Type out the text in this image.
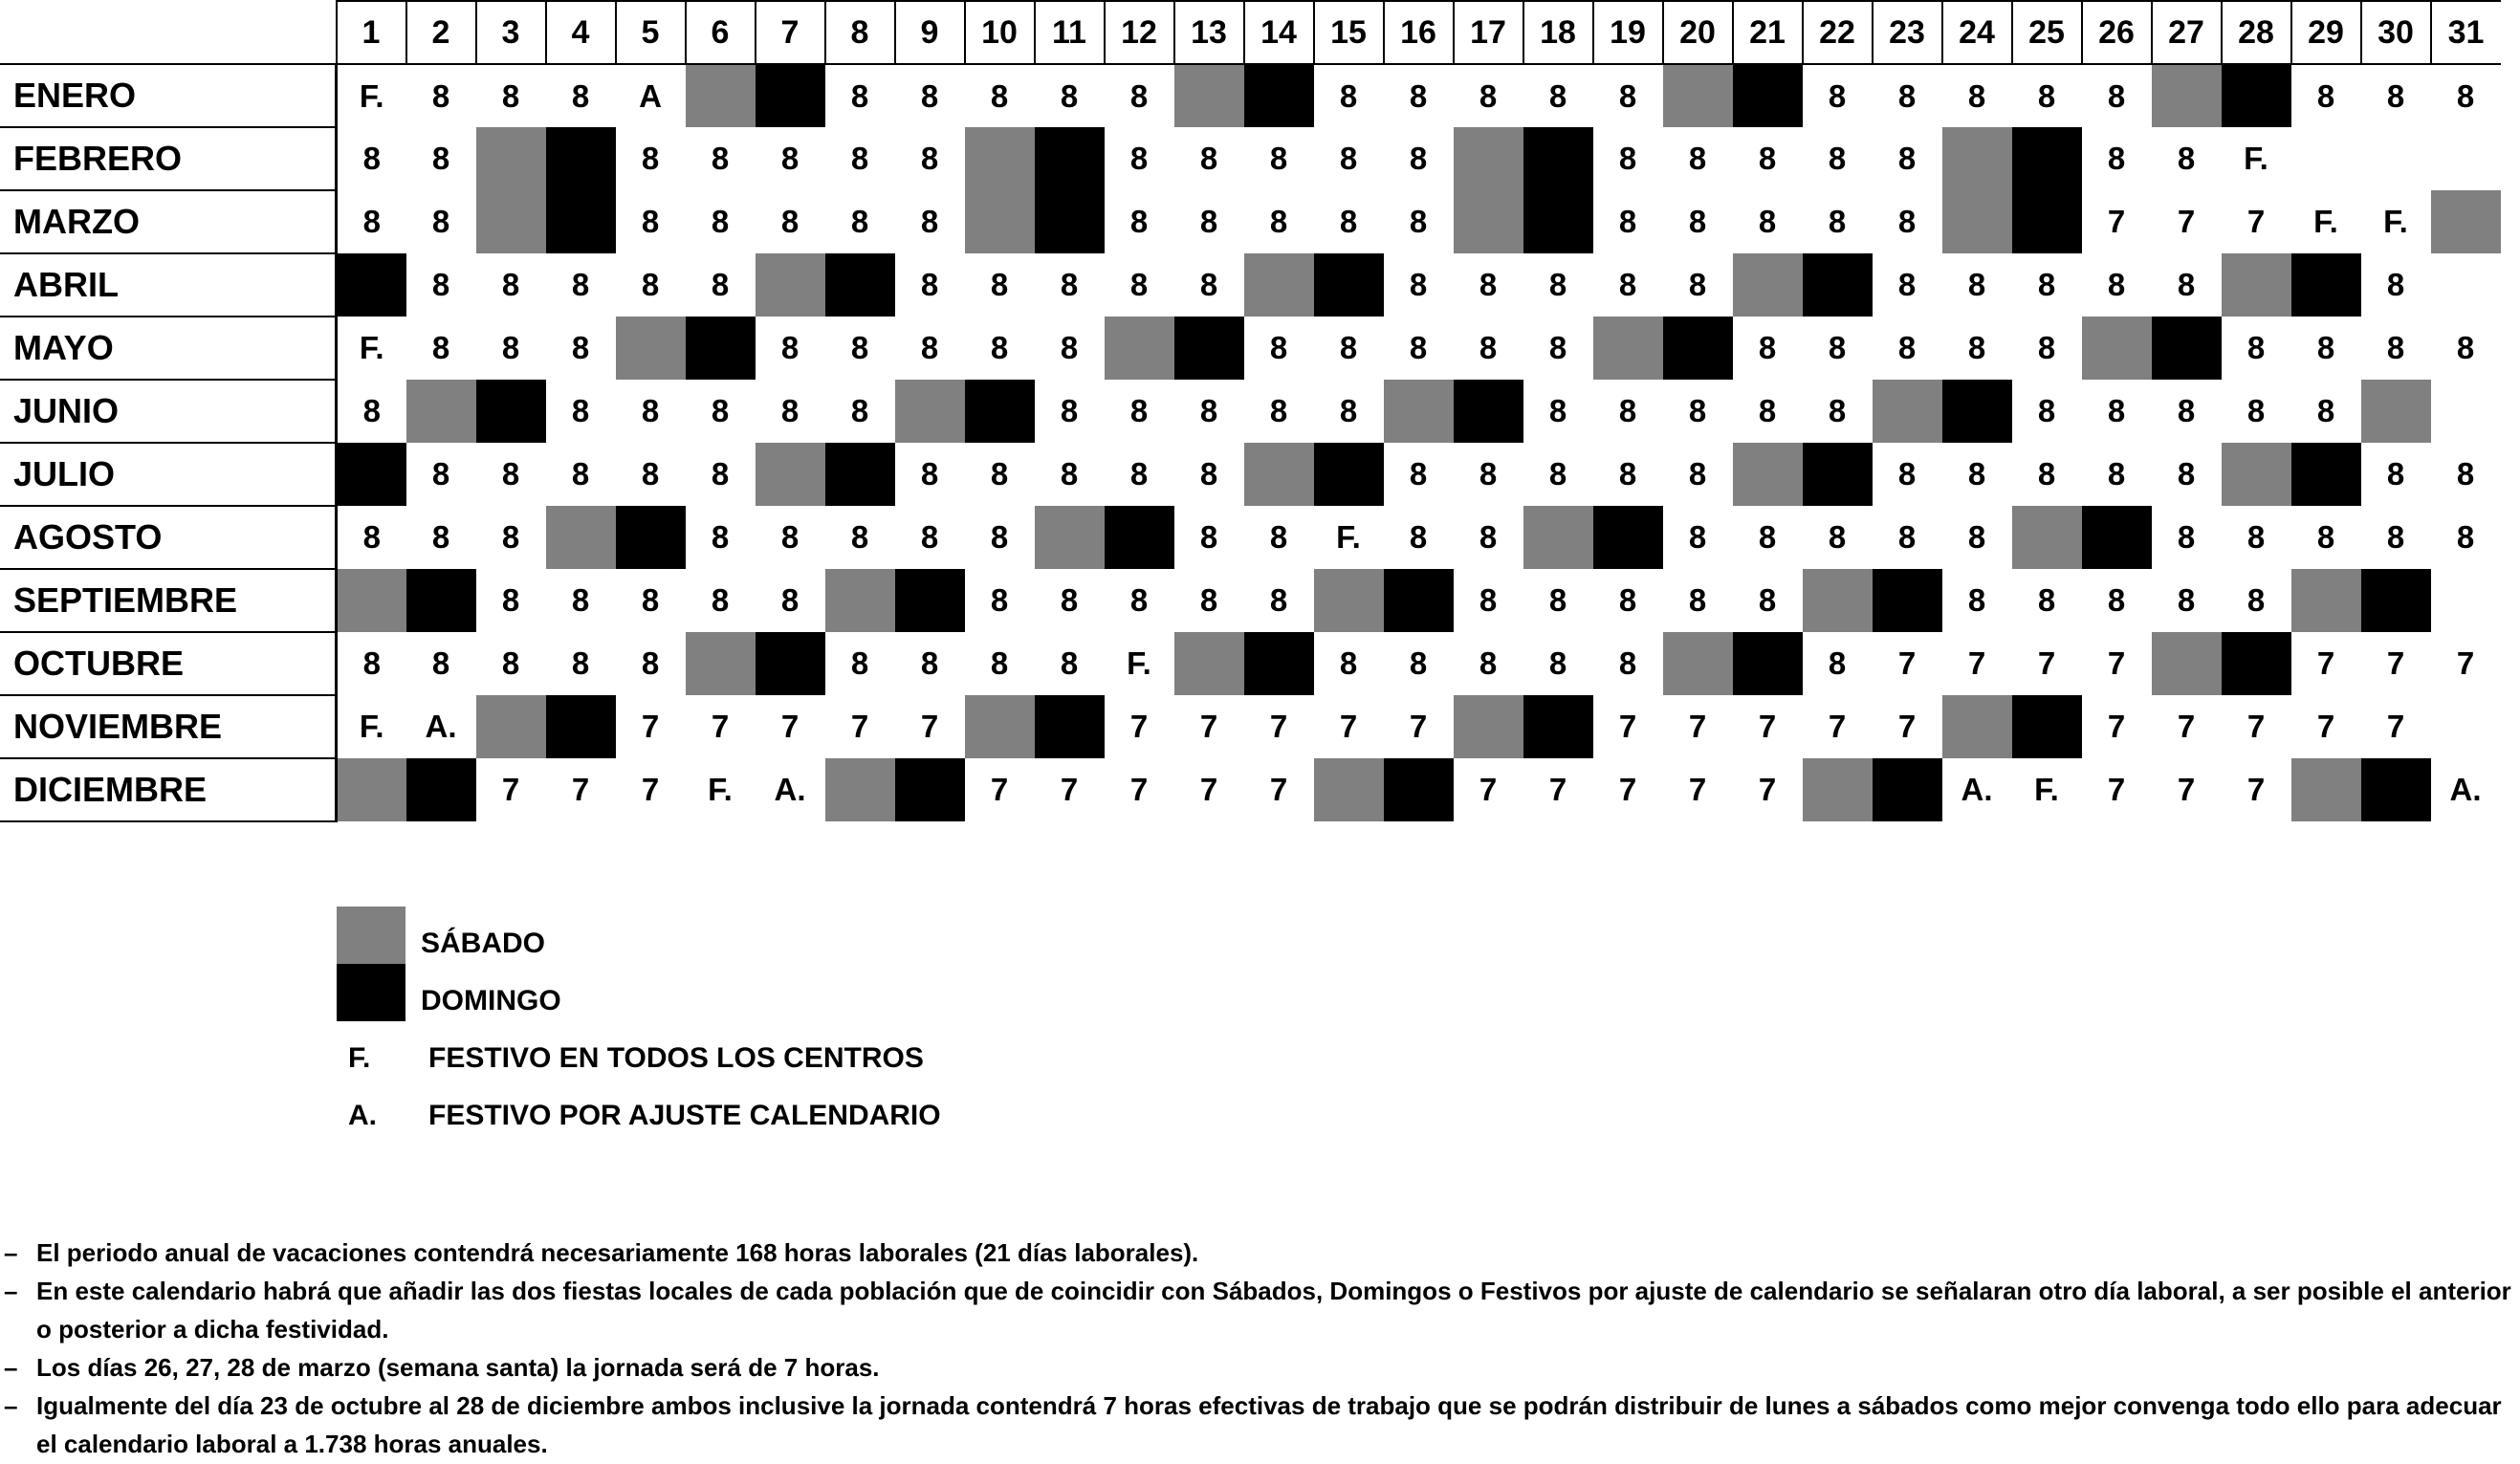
	1	2	3	4	5	6	7	8	9	10	11	12	13	14	15	16	17	18	19	20	21	22	23	24	25	26	27	28	29	30	31
ENERO	F.	8	8	8	A			8	8	8	8	8			8	8	8	8	8			8	8	8	8	8			8	8	8
FEBRERO	8	8			8	8	8	8	8			8	8	8	8	8			8	8	8	8	8			8	8	F.			
MARZO	8	8			8	8	8	8	8			8	8	8	8	8			8	8	8	8	8			7	7	7	F.	F.	
ABRIL		8	8	8	8	8			8	8	8	8	8			8	8	8	8	8			8	8	8	8	8			8	
MAYO	F.	8	8	8			8	8	8	8	8			8	8	8	8	8			8	8	8	8	8			8	8	8	8
JUNIO	8			8	8	8	8	8			8	8	8	8	8			8	8	8	8	8			8	8	8	8	8		
JULIO		8	8	8	8	8			8	8	8	8	8			8	8	8	8	8			8	8	8	8	8			8	8
AGOSTO	8	8	8			8	8	8	8	8			8	8	F.	8	8			8	8	8	8	8			8	8	8	8	8
SEPTIEMBRE			8	8	8	8	8			8	8	8	8	8			8	8	8	8	8			8	8	8	8	8			
OCTUBRE	8	8	8	8	8			8	8	8	8	F.			8	8	8	8	8			8	7	7	7	7			7	7	7
NOVIEMBRE	F.	A.			7	7	7	7	7			7	7	7	7	7			7	7	7	7	7			7	7	7	7	7	
DICIEMBRE			7	7	7	F.	A.			7	7	7	7	7			7	7	7	7	7			A.	F.	7	7	7			A.
SÁBADO
DOMINGO
F. FESTIVO EN TODOS LOS CENTROS
A. FESTIVO POR AJUSTE CALENDARIO
– El periodo anual de vacaciones contendrá necesariamente 168 horas laborales (21 días laborales).
– En este calendario habrá que añadir las dos fiestas locales de cada población que de coincidir con Sábados, Domingos o Festivos por ajuste de calendario se señalaran otro día laboral, a ser posible el anterior o posterior a dicha festividad.
– Los días 26, 27, 28 de marzo (semana santa) la jornada será de 7 horas.
– Igualmente del día 23 de octubre al 28 de diciembre ambos inclusive la jornada contendrá 7 horas efectivas de trabajo que se podrán distribuir de lunes a sábados como mejor convenga todo ello para adecuar el calendario laboral a 1.738 horas anuales.
